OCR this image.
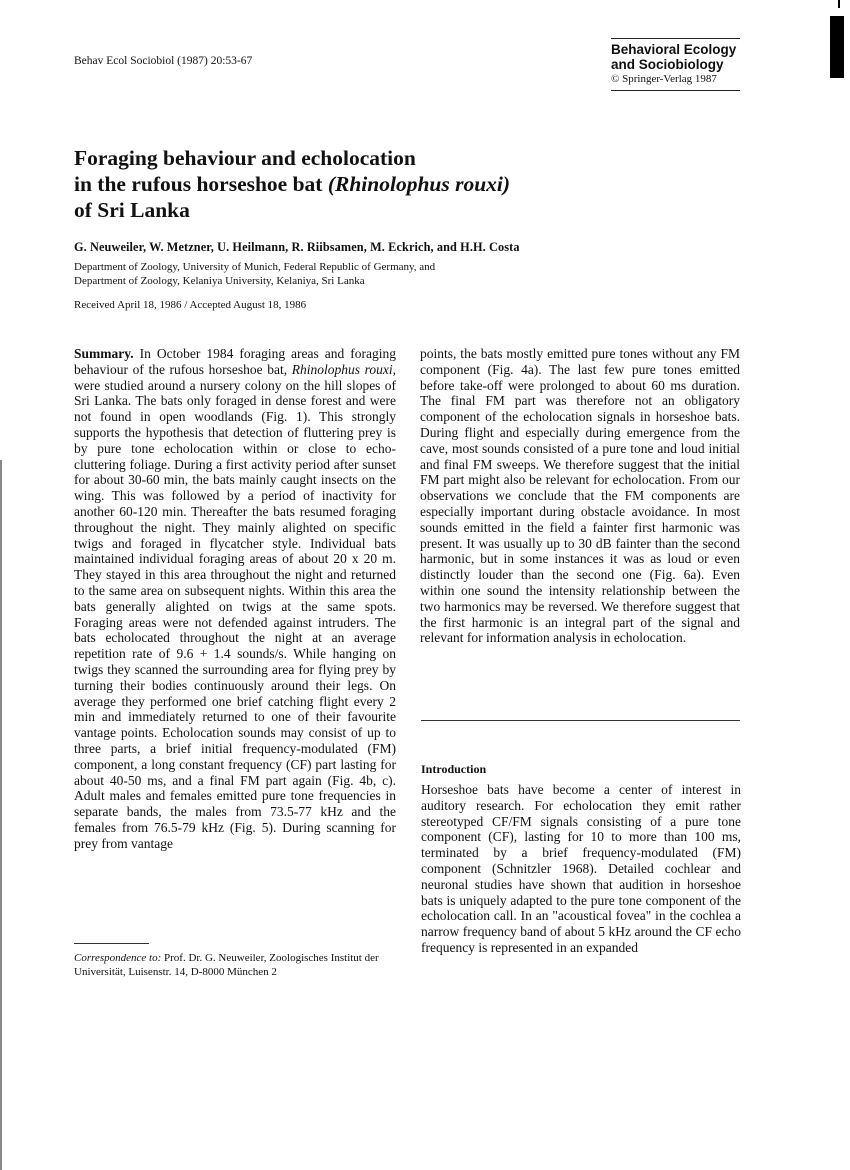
Behav Ecol Sociobiol (1987) 20:53-67
Behavioral Ecology
and Sociobiology
© Springer-Verlag 1987
Foraging behaviour and echolocation
in the rufous horseshoe bat (Rhinolophus rouxi)
of Sri Lanka
G. Neuweiler, W. Metzner, U. Heilmann, R. Riibsamen, M. Eckrich, and H.H. Costa
Department of Zoology, University of Munich, Federal Republic of Germany, and
Department of Zoology, Kelaniya University, Kelaniya, Sri Lanka
Received April 18, 1986 / Accepted August 18, 1986
Summary. In October 1984 foraging areas and foraging behaviour of the rufous horseshoe bat, Rhinolophus rouxi, were studied around a nursery colony on the hill slopes of Sri Lanka. The bats only foraged in dense forest and were not found in open woodlands (Fig. 1). This strongly supports the hypothesis that detection of fluttering prey is by pure tone echolocation within or close to echo-cluttering foliage. During a first activity period after sunset for about 30-60 min, the bats mainly caught insects on the wing. This was followed by a period of inactivity for another 60-120 min. Thereafter the bats resumed foraging throughout the night. They mainly alighted on specific twigs and foraged in flycatcher style. Individual bats maintained individual foraging areas of about 20 x 20 m. They stayed in this area throughout the night and returned to the same area on subsequent nights. Within this area the bats generally alighted on twigs at the same spots. Foraging areas were not defended against intruders. The bats echolocated throughout the night at an average repetition rate of 9.6 + 1.4 sounds/s. While hanging on twigs they scanned the surrounding area for flying prey by turning their bodies continuously around their legs. On average they performed one brief catching flight every 2 min and immediately returned to one of their favourite vantage points. Echolocation sounds may consist of up to three parts, a brief initial frequency-modulated (FM) component, a long constant frequency (CF) part lasting for about 40-50 ms, and a final FM part again (Fig. 4b, c). Adult males and females emitted pure tone frequencies in separate bands, the males from 73.5-77 kHz and the females from 76.5-79 kHz (Fig. 5). During scanning for prey from vantage
Correspondence to: Prof. Dr. G. Neuweiler, Zoologisches Institut der Universität, Luisenstr. 14, D-8000 München 2
points, the bats mostly emitted pure tones without any FM component (Fig. 4a). The last few pure tones emitted before take-off were prolonged to about 60 ms duration. The final FM part was therefore not an obligatory component of the echolocation signals in horseshoe bats. During flight and especially during emergence from the cave, most sounds consisted of a pure tone and loud initial and final FM sweeps. We therefore suggest that the initial FM part might also be relevant for echolocation. From our observations we conclude that the FM components are especially important during obstacle avoidance. In most sounds emitted in the field a fainter first harmonic was present. It was usually up to 30 dB fainter than the second harmonic, but in some instances it was as loud or even distinctly louder than the second one (Fig. 6a). Even within one sound the intensity relationship between the two harmonics may be reversed. We therefore suggest that the first harmonic is an integral part of the signal and relevant for information analysis in echolocation.
Introduction
Horseshoe bats have become a center of interest in auditory research. For echolocation they emit rather stereotyped CF/FM signals consisting of a pure tone component (CF), lasting for 10 to more than 100 ms, terminated by a brief frequency-modulated (FM) component (Schnitzler 1968). Detailed cochlear and neuronal studies have shown that audition in horseshoe bats is uniquely adapted to the pure tone component of the echolocation call. In an "acoustical fovea" in the cochlea a narrow frequency band of about 5 kHz around the CF echo frequency is represented in an expanded
